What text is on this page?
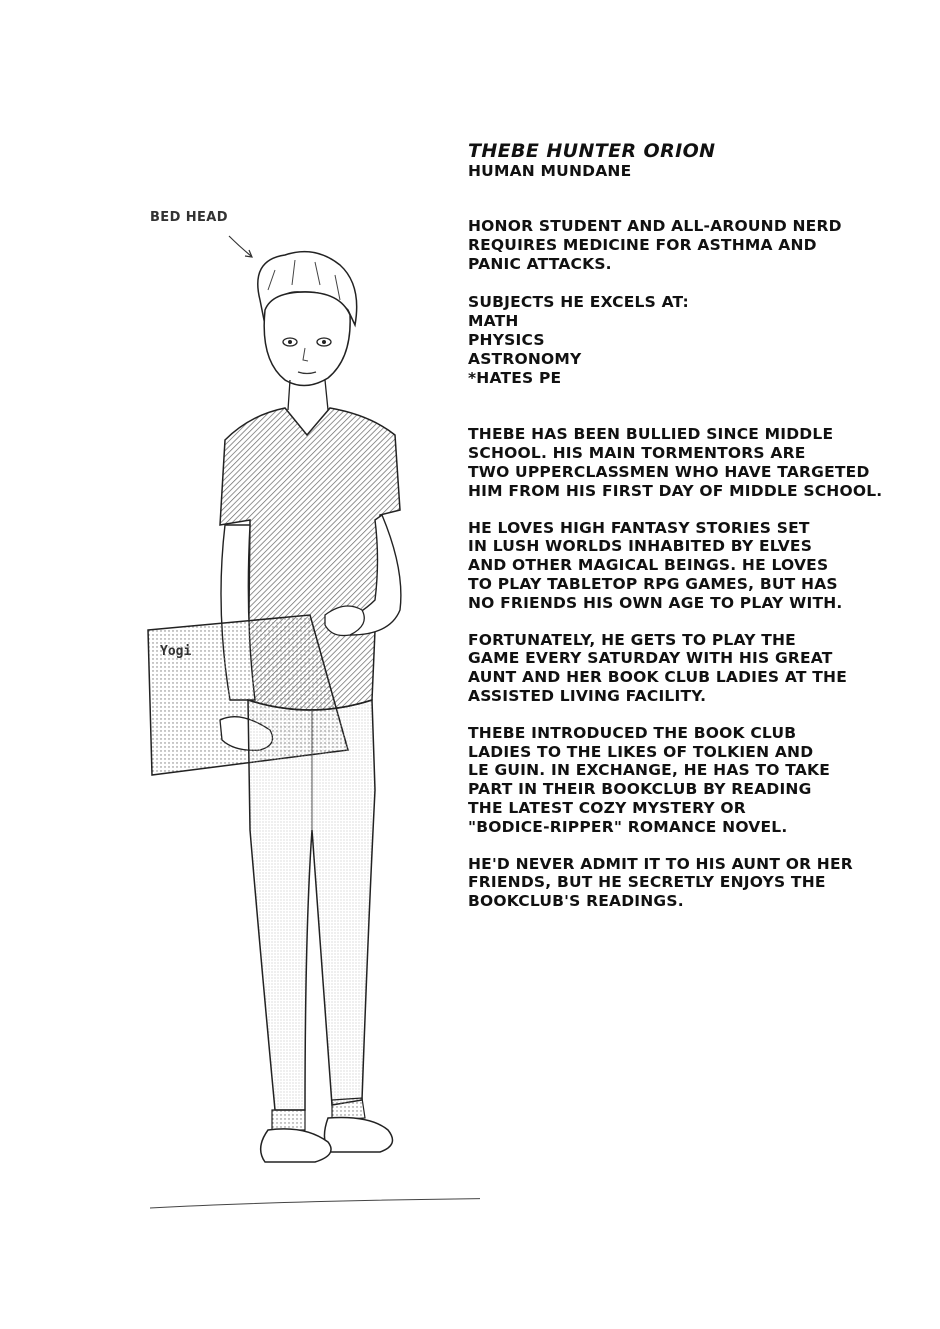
BED HEAD
Yogi
THEBE HUNTER ORION
HUMAN MUNDANE
HONOR STUDENT AND ALL-AROUND NERD
REQUIRES MEDICINE FOR ASTHMA AND
PANIC ATTACKS.
SUBJECTS HE EXCELS AT:
MATH
PHYSICS
ASTRONOMY
*HATES PE
THEBE HAS BEEN BULLIED SINCE MIDDLE
SCHOOL. HIS MAIN TORMENTORS ARE
TWO UPPERCLASSMEN WHO HAVE TARGETED
HIM FROM HIS FIRST DAY OF MIDDLE SCHOOL.
HE LOVES HIGH FANTASY STORIES SET
IN LUSH WORLDS INHABITED BY ELVES
AND OTHER MAGICAL BEINGS. HE LOVES
TO PLAY TABLETOP RPG GAMES, BUT HAS
NO FRIENDS HIS OWN AGE TO PLAY WITH.
FORTUNATELY, HE GETS TO PLAY THE
GAME EVERY SATURDAY WITH HIS GREAT
AUNT AND HER BOOK CLUB LADIES AT THE
ASSISTED LIVING FACILITY.
THEBE INTRODUCED THE BOOK CLUB
LADIES TO THE LIKES OF TOLKIEN AND
LE GUIN. IN EXCHANGE, HE HAS TO TAKE
PART IN THEIR BOOKCLUB BY READING
THE LATEST COZY MYSTERY OR
"BODICE-RIPPER" ROMANCE NOVEL.
HE'D NEVER ADMIT IT TO HIS AUNT OR HER
FRIENDS, BUT HE SECRETLY ENJOYS THE
BOOKCLUB'S READINGS.
